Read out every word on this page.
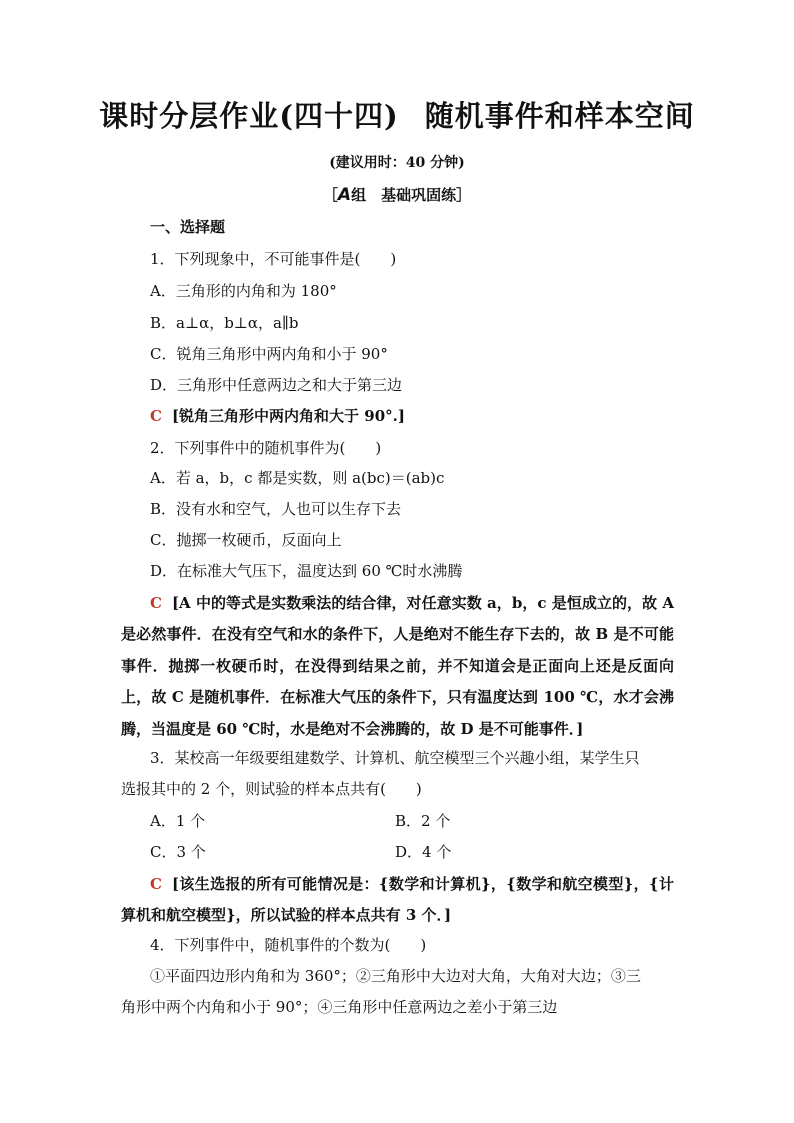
课时分层作业(四十四) 随机事件和样本空间
(建议用时：40 分钟)
［A组　基础巩固练］
一、选择题
1．下列现象中，不可能事件是(　　)
A．三角形的内角和为 180°
B．a⊥α，b⊥α，a∥b
C．锐角三角形中两内角和小于 90°
D．三角形中任意两边之和大于第三边
C [锐角三角形中两内角和大于 90°.]
2．下列事件中的随机事件为(　　)
A．若 a，b，c 都是实数，则 a(bc)＝(ab)c
B．没有水和空气，人也可以生存下去
C．抛掷一枚硬币，反面向上
D．在标准大气压下，温度达到 60 ℃时水沸腾
C [A 中的等式是实数乘法的结合律，对任意实数 a，b，c 是恒成立的，故 A 是必然事件．在没有空气和水的条件下，人是绝对不能生存下去的，故 B 是不可能事件．抛掷一枚硬币时，在没得到结果之前，并不知道会是正面向上还是反面向上，故 C 是随机事件．在标准大气压的条件下，只有温度达到 100 ℃，水才会沸腾，当温度是 60 ℃时，水是绝对不会沸腾的，故 D 是不可能事件．]
3．某校高一年级要组建数学、计算机、航空模型三个兴趣小组，某学生只
选报其中的 2 个，则试验的样本点共有(　　)
A．1 个	B．2 个
C．3 个	D．4 个
C [该生选报的所有可能情况是：{数学和计算机}，{数学和航空模型}，{计算机和航空模型}，所以试验的样本点共有 3 个．]
4．下列事件中，随机事件的个数为(　　)
①平面四边形内角和为 360°；②三角形中大边对大角，大角对大边；③三
角形中两个内角和小于 90°；④三角形中任意两边之差小于第三边
